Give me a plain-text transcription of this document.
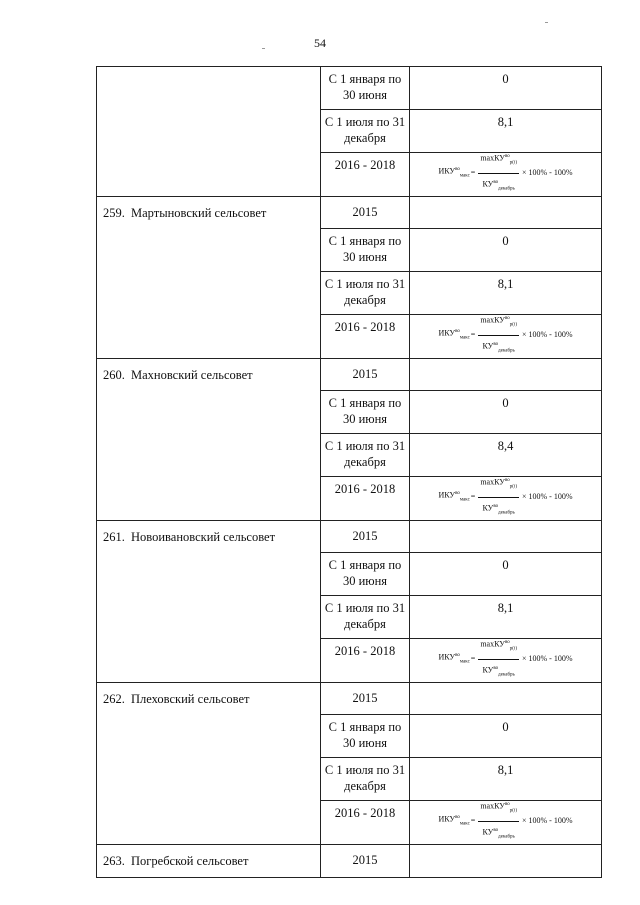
54
	С 1 января по 30 июня	0
	С 1 июля по 31 декабря	8,1
	2016 - 2018	$ИКУ^{во}_{макс} = \frac{\max КУ^{во}_{р(i)}}{КУ^{во}_{декабрь}} \times 100\% - 100\%$

259. Мартыновский сельсовет	2015	
	С 1 января по 30 июня	0
	С 1 июля по 31 декабря	8,1
	2016 - 2018	$ИКУ^{во}_{макс} = \frac{\max КУ^{во}_{р(i)}}{КУ^{во}_{декабрь}} \times 100\% - 100\%$

260. Махновский сельсовет	2015	
	С 1 января по 30 июня	0
	С 1 июля по 31 декабря	8,4
	2016 - 2018	$ИКУ^{во}_{макс} = \frac{\max КУ^{во}_{р(i)}}{КУ^{во}_{декабрь}} \times 100\% - 100\%$

261. Новоивановский сельсовет	2015	
	С 1 января по 30 июня	0
	С 1 июля по 31 декабря	8,1
	2016 - 2018	$ИКУ^{во}_{макс} = \frac{\max КУ^{во}_{р(i)}}{КУ^{во}_{декабрь}} \times 100\% - 100\%$

262. Плеховский сельсовет	2015	
	С 1 января по 30 июня	0
	С 1 июля по 31 декабря	8,1
	2016 - 2018	$ИКУ^{во}_{макс} = \frac{\max КУ^{во}_{р(i)}}{КУ^{во}_{декабрь}} \times 100\% - 100\%$

263. Погребской сельсовет	2015	
